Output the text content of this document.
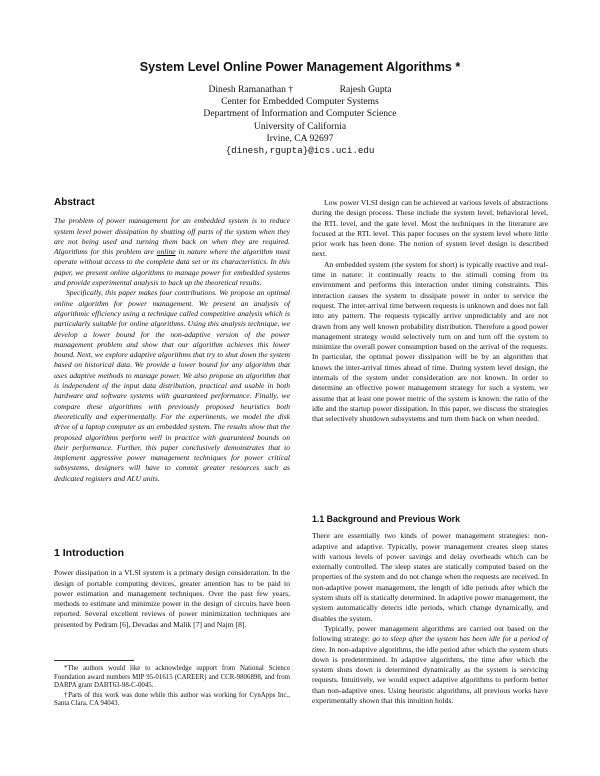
System Level Online Power Management Algorithms *
Dinesh Ramanathan †	Rajesh Gupta
Center for Embedded Computer Systems
Department of Information and Computer Science
University of California
Irvine, CA 92697
{dinesh,rgupta}@ics.uci.edu
Abstract

The problem of power management for an embedded system is to reduce system level power dissipation by shutting off parts of the system when they are not being used and turning them back on when they are required. Algorithms for this problem are online in nature where the algorithm must operate without access to the complete data set or its characteristics. In this paper, we present online algorithms to manage power for embedded systems and provide experimental analysis to back up the theoretical results.

Specifically, this paper makes four contributions. We propose an optimal online algorithm for power management. We present an analysis of algorithmic efficiency using a technique called competitive analysis which is particularly suitable for online algorithms. Using this analysis technique, we develop a lower bound for the non-adaptive version of the power management problem and show that our algorithm achieves this lower bound. Next, we explore adaptive algorithms that try to shut down the system based on historical data. We provide a lower bound for any algorithm that uses adaptive methods to manage power. We also propose an algorithm that is independent of the input data distribution, practical and usable in both hardware and software systems with guaranteed performance. Finally, we compare these algorithms with previously proposed heuristics both theoretically and experimentally. For the experiments, we model the disk drive of a laptop computer as an embedded system. The results show that the proposed algorithms perform well in practice with guaranteed bounds on their performance. Further, this paper conclusively demonstrates that to implement aggressive power management techniques for power critical subsystems, designers will have to commit greater resources such as dedicated registers and ALU units.

1 Introduction

Power dissipation in a VLSI system is a primary design consideration. In the design of portable computing devices, greater attention has to be paid to power estimation and management techniques. Over the past few years, methods to estimate and minimize power in the design of circuits have been reported. Several excellent reviews of power minimization techniques are presented by Pedram [6], Devadas and Malik [7] and Najm [8].

*The authors would like to acknowledge support from National Science Foundation award numbers MIP 95-01615 (CAREER) and CCR-9806898, and from DARPA grant DABT63-98-C-0045.
†Parts of this work was done while this author was working for CynApps Inc., Santa Clara, CA 94043.

Low power VLSI design can be achieved at various levels of abstractions during the design process. These include the system level, behavioral level, the RTL level, and the gate level. Most the techniques in the literature are focused at the RTL level. This paper focuses on the system level where little prior work has been done. The notion of system level design is described next.

An embedded system (the system for short) is typically reactive and real-time in nature: it continually reacts to the stimuli coming from its environment and performs this interaction under timing constraints. This interaction causes the system to dissipate power in order to service the request. The inter-arrival time between requests is unknown and does not fall into any pattern. The requests typically arrive unpredictably and are not drawn from any well known probability distribution. Therefore a good power management strategy would selectively turn on and turn off the system to minimize the overall power consumption based on the arrival of the requests. In particular, the optimal power dissipation will be by an algorithm that knows the inter-arrival times ahead of time. During system level design, the internals of the system under consideration are not known. In order to determine an effective power management strategy for such a system, we assume that at least one power metric of the system is known: the ratio of the idle and the startup power dissipation. In this paper, we discuss the strategies that selectively shutdown subsystems and turn them back on when needed.

1.1 Background and Previous Work

There are essentially two kinds of power management strategies: non-adaptive and adaptive. Typically, power management creates sleep states with various levels of power savings and delay overheads which can be externally controlled. The sleep states are statically computed based on the properties of the system and do not change when the requests are received. In non-adaptive power management, the length of idle periods after which the system shuts off is statically determined. In adaptive power management, the system automatically detects idle periods, which change dynamically, and disables the system.

Typically, power management algorithms are carried out based on the following strategy: go to sleep after the system has been idle for a period of time. In non-adaptive algorithms, the idle period after which the system shuts down is predetermined. In adaptive algorithms, the time after which the system shuts down is determined dynamically as the system is servicing requests. Intuitively, we would expect adaptive algorithms to perform better than non-adaptive ones. Using heuristic algorithms, all previous works have experimentally shown that this intuition holds.
